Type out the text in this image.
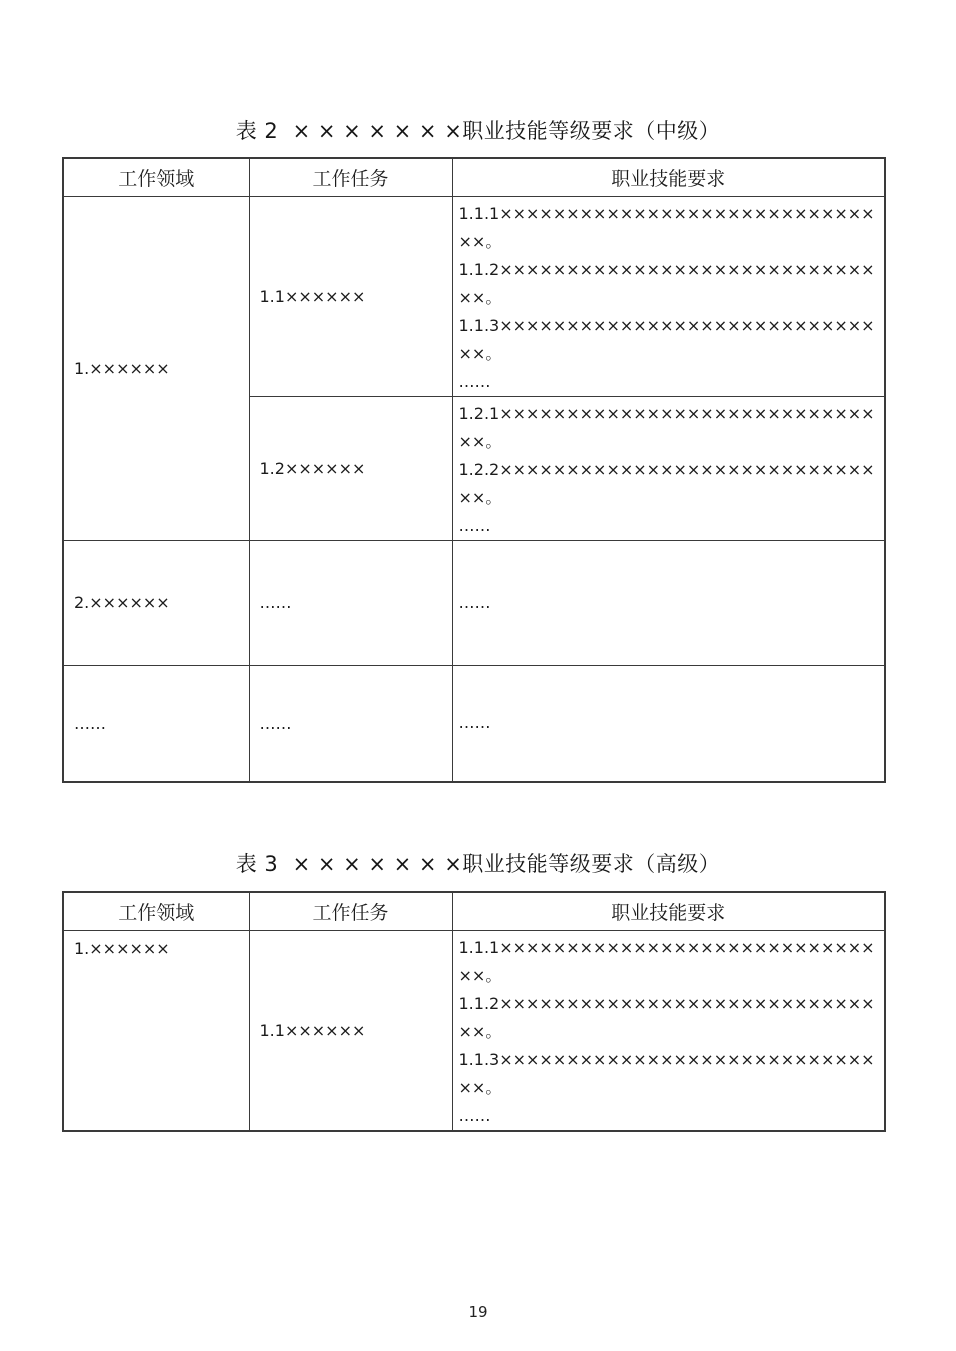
表 2  × × × × × × ×职业技能等级要求（中级）
工作领域	工作任务	职业技能要求
1.××××××	1.1××××××	1.1.1××××××××××××××××××××××××××××××。
1.1.2××××××××××××××××××××××××××××××。
1.1.3××××××××××××××××××××××××××××××。
……

	1.2××××××	1.2.1××××××××××××××××××××××××××××××。
1.2.2××××××××××××××××××××××××××××××。
……

2.××××××	……	……

……	……	……
表 3  × × × × × × ×职业技能等级要求（高级）
工作领域	工作任务	职业技能要求
1.××××××	1.1××××××	1.1.1××××××××××××××××××××××××××××××。
1.1.2××××××××××××××××××××××××××××××。
1.1.3××××××××××××××××××××××××××××××。
……
19
